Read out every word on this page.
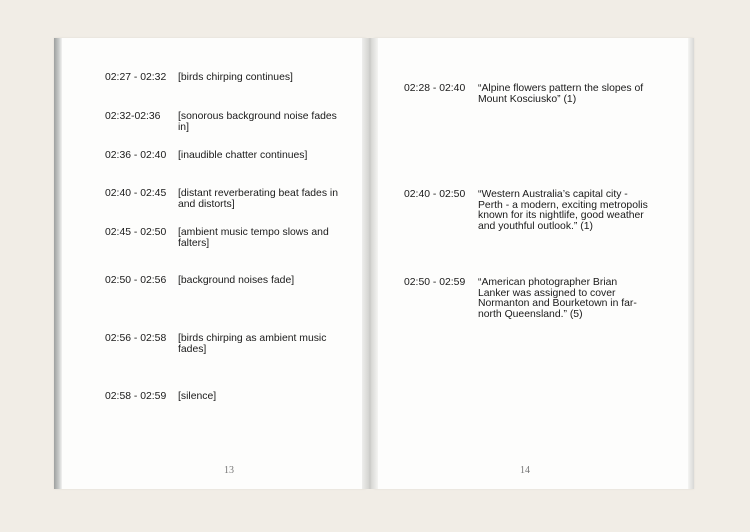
02:27 - 02:32 [birds chirping continues]
02:32-02:36 [sonorous background noise fades in]
02:36 - 02:40 [inaudible chatter continues]
02:40 - 02:45 [distant reverberating beat fades in and distorts]
02:45 - 02:50 [ambient music tempo slows and falters]
02:50 - 02:56 [background noises fade]
02:56 - 02:58 [birds chirping as ambient music fades]
02:58 - 02:59 [silence]
02:28 - 02:40 “Alpine flowers pattern the slopes of Mount Kosciusko” (1)
02:40 - 02:50 “Western Australia’s capital city - Perth - a modern, exciting metropolis known for its nightlife, good weather and youthful outlook.” (1)
02:50 - 02:59 “American photographer Brian Lanker was assigned to cover Normanton and Bourketown in far-north Queensland.” (5)
13	14
